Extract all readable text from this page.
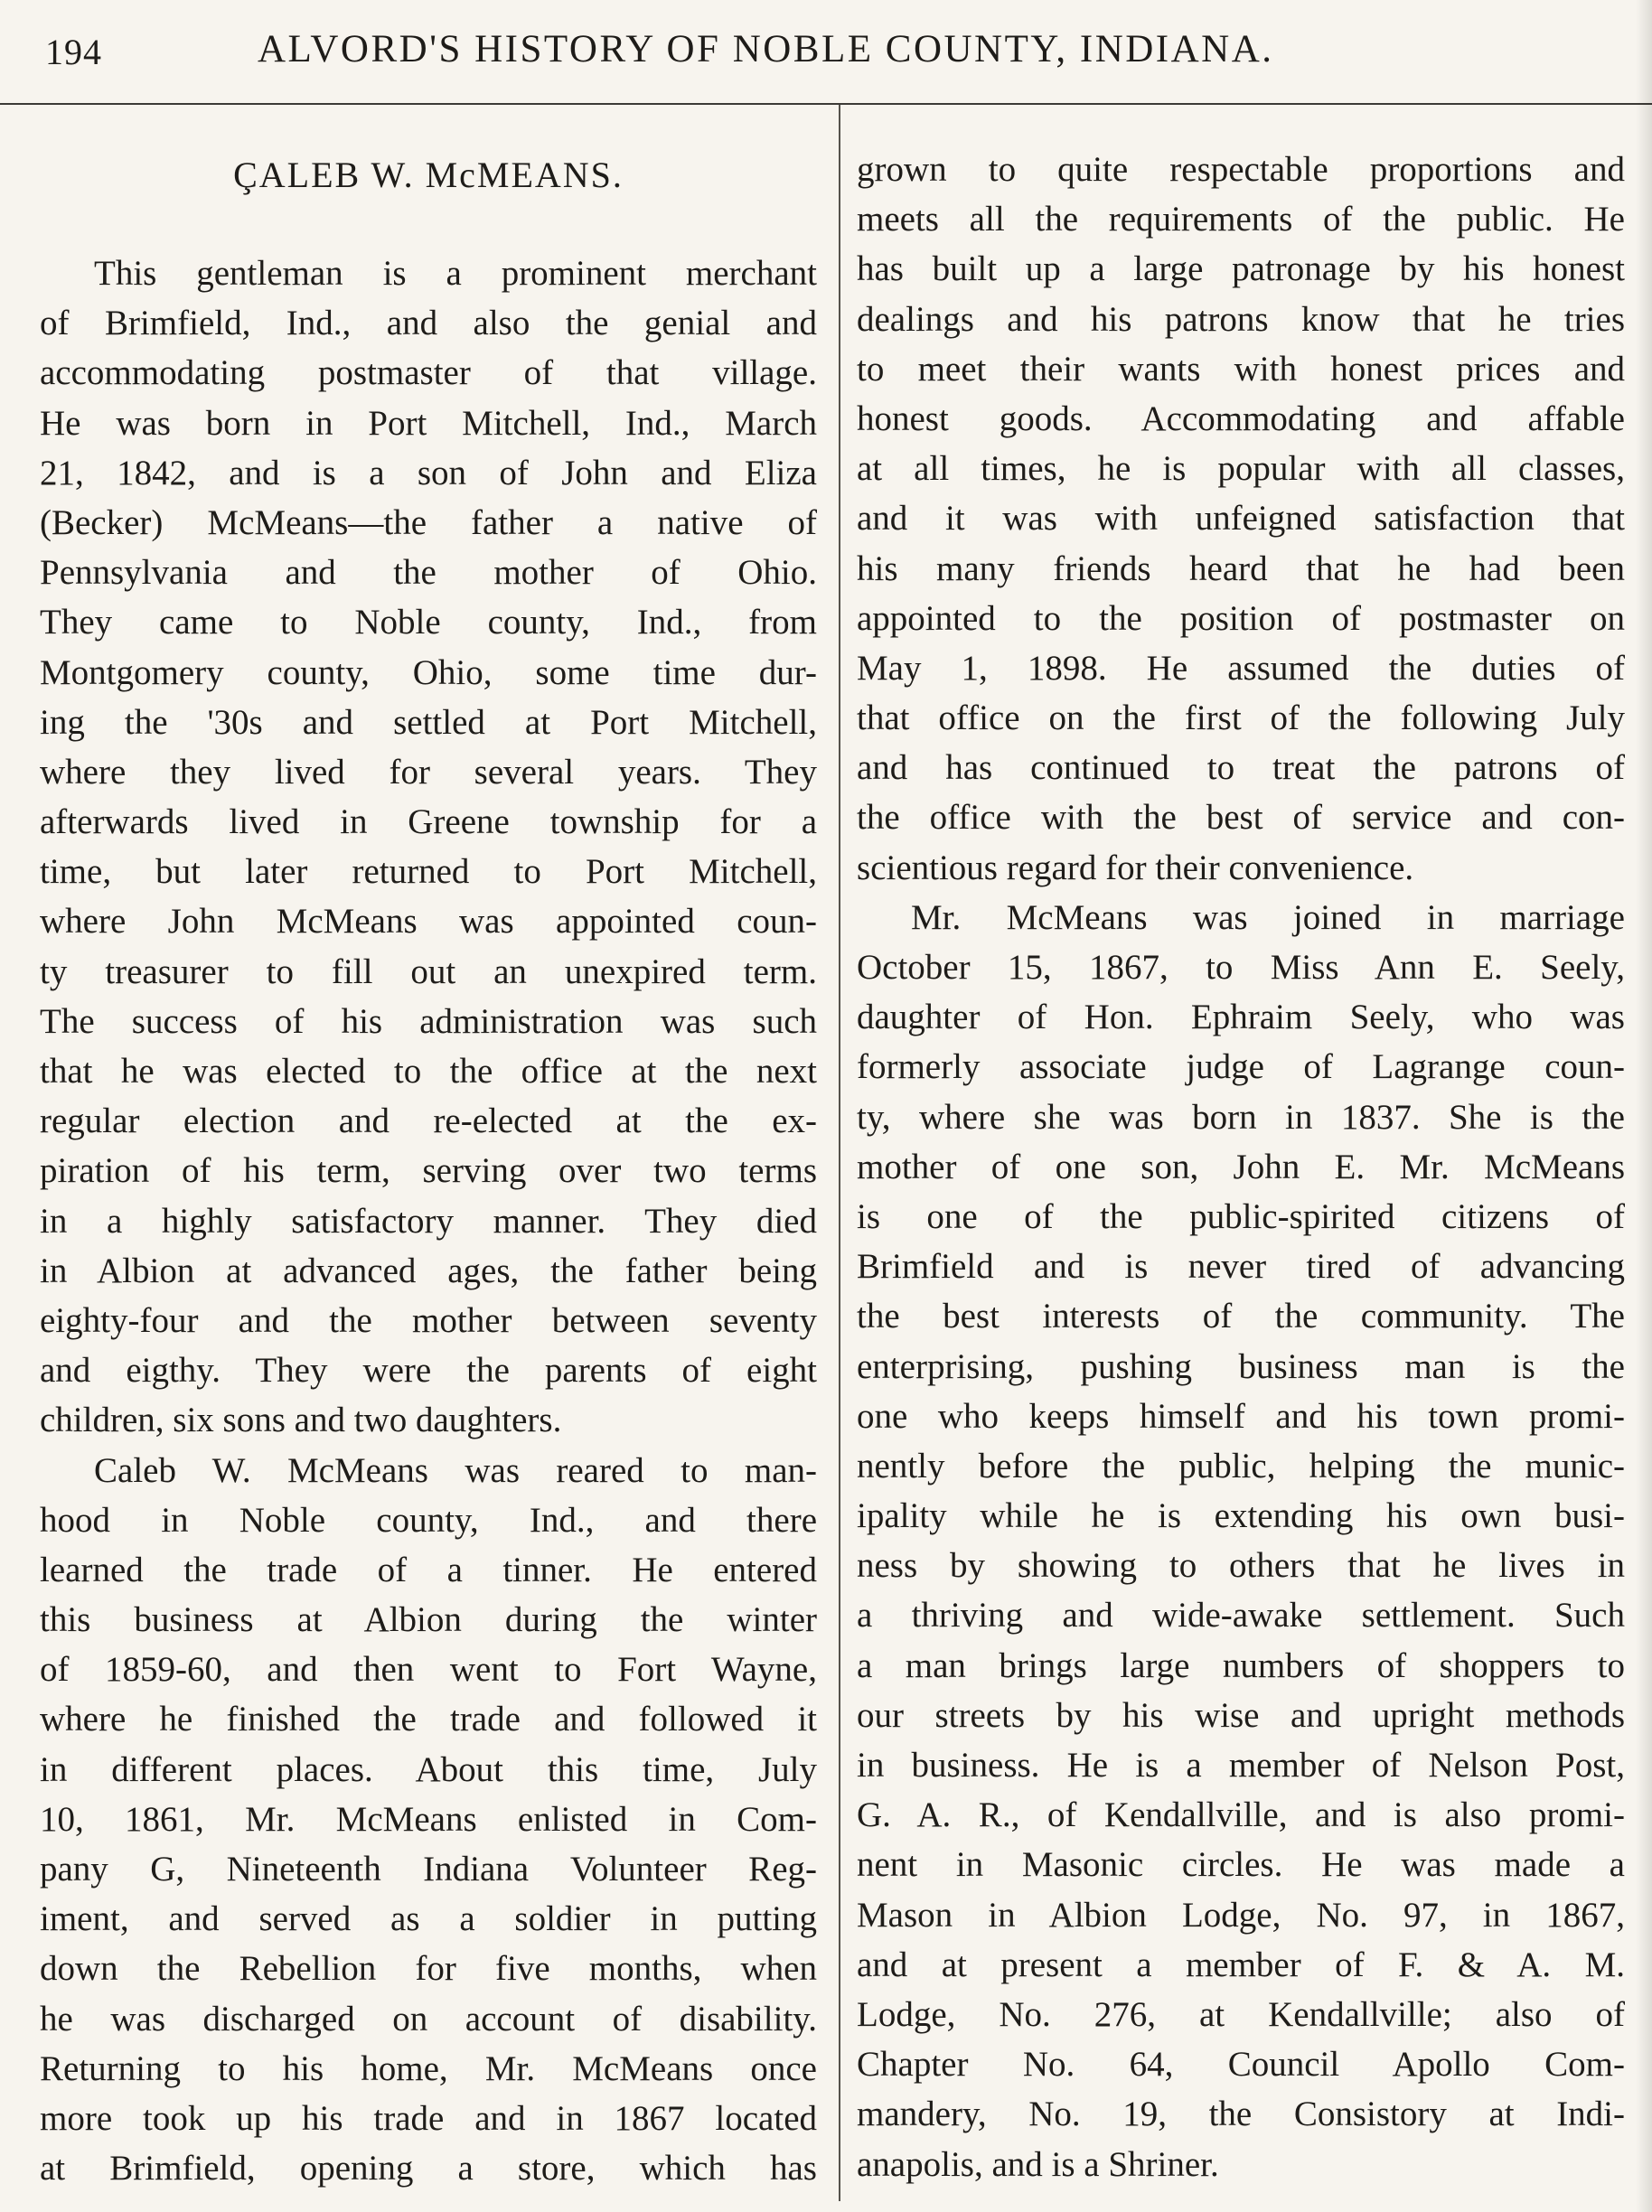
194	ALVORD'S HISTORY OF NOBLE COUNTY, INDIANA.
ÇALEB W. McMEANS.
This gentleman is a prominent merchant
of Brimfield, Ind., and also the genial and
accommodating postmaster of that village.
He was born in Port Mitchell, Ind., March
21, 1842, and is a son of John and Eliza
(Becker) McMeans—the father a native of
Pennsylvania and the mother of Ohio.
They came to Noble county, Ind., from
Montgomery county, Ohio, some time dur-
ing the '30s and settled at Port Mitchell,
where they lived for several years. They
afterwards lived in Greene township for a
time, but later returned to Port Mitchell,
where John McMeans was appointed coun-
ty treasurer to fill out an unexpired term.
The success of his administration was such
that he was elected to the office at the next
regular election and re-elected at the ex-
piration of his term, serving over two terms
in a highly satisfactory manner. They died
in Albion at advanced ages, the father being
eighty-four and the mother between seventy
and eigthy. They were the parents of eight
children, six sons and two daughters.
Caleb W. McMeans was reared to man-
hood in Noble county, Ind., and there
learned the trade of a tinner. He entered
this business at Albion during the winter
of 1859-60, and then went to Fort Wayne,
where he finished the trade and followed it
in different places. About this time, July
10, 1861, Mr. McMeans enlisted in Com-
pany G, Nineteenth Indiana Volunteer Reg-
iment, and served as a soldier in putting
down the Rebellion for five months, when
he was discharged on account of disability.
Returning to his home, Mr. McMeans once
more took up his trade and in 1867 located
at Brimfield, opening a store, which has
grown to quite respectable proportions and
meets all the requirements of the public. He
has built up a large patronage by his honest
dealings and his patrons know that he tries
to meet their wants with honest prices and
honest goods. Accommodating and affable
at all times, he is popular with all classes,
and it was with unfeigned satisfaction that
his many friends heard that he had been
appointed to the position of postmaster on
May 1, 1898. He assumed the duties of
that office on the first of the following July
and has continued to treat the patrons of
the office with the best of service and con-
scientious regard for their convenience.
Mr. McMeans was joined in marriage
October 15, 1867, to Miss Ann E. Seely,
daughter of Hon. Ephraim Seely, who was
formerly associate judge of Lagrange coun-
ty, where she was born in 1837. She is the
mother of one son, John E. Mr. McMeans
is one of the public-spirited citizens of
Brimfield and is never tired of advancing
the best interests of the community. The
enterprising, pushing business man is the
one who keeps himself and his town promi-
nently before the public, helping the munic-
ipality while he is extending his own busi-
ness by showing to others that he lives in
a thriving and wide-awake settlement. Such
a man brings large numbers of shoppers to
our streets by his wise and upright methods
in business. He is a member of Nelson Post,
G. A. R., of Kendallville, and is also promi-
nent in Masonic circles. He was made a
Mason in Albion Lodge, No. 97, in 1867,
and at present a member of F. & A. M.
Lodge, No. 276, at Kendallville; also of
Chapter No. 64, Council Apollo Com-
mandery, No. 19, the Consistory at Indi-
anapolis, and is a Shriner.
